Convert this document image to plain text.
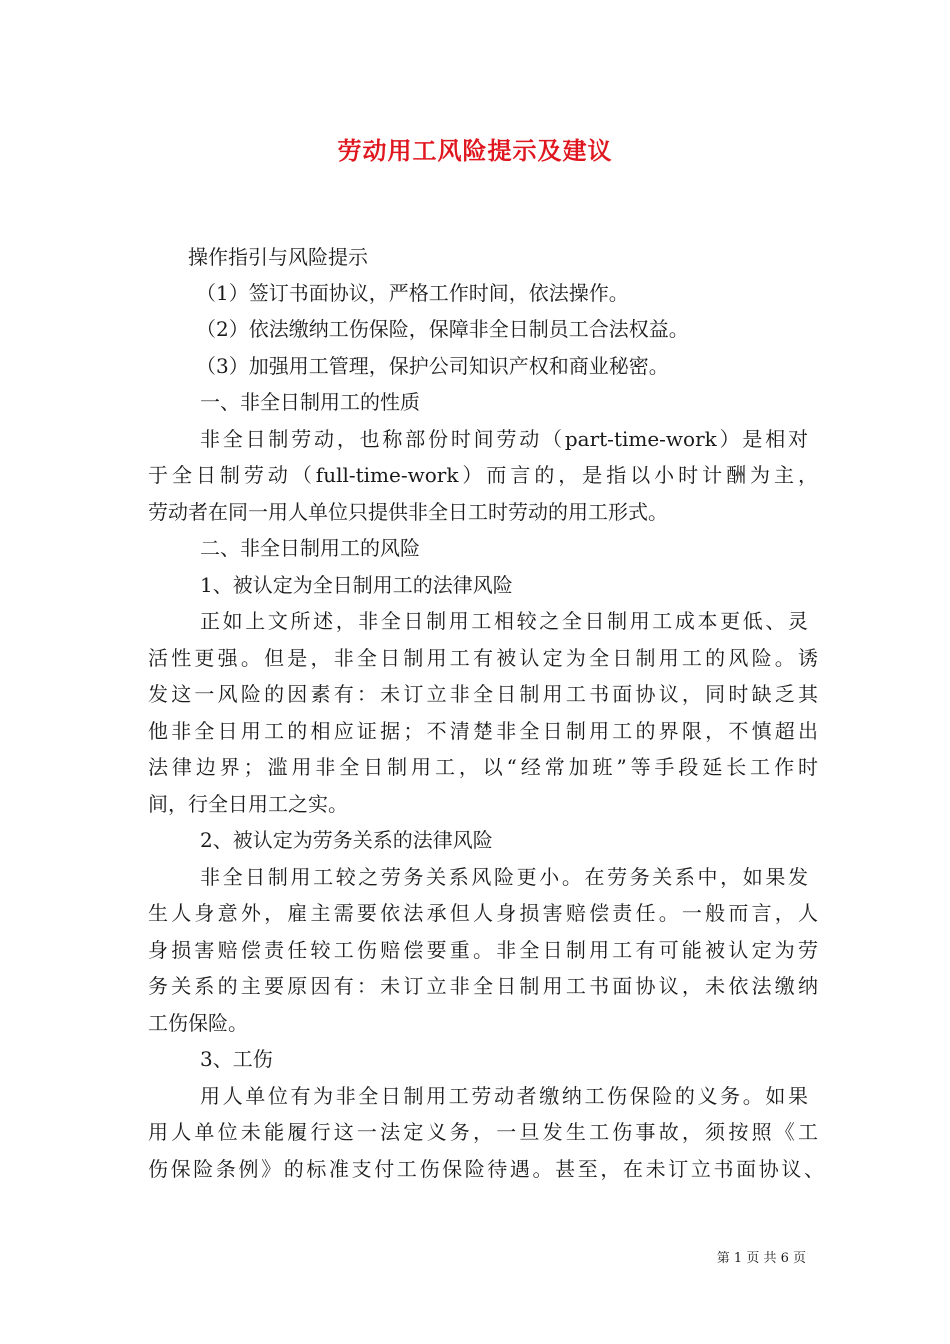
劳动用工风险提示及建议
操作指引与风险提示
（1）签订书面协议，严格工作时间，依法操作。
（2）依法缴纳工伤保险，保障非全日制员工合法权益。
（3）加强用工管理，保护公司知识产权和商业秘密。
一、非全日制用工的性质
非全日制劳动，也称部份时间劳动（part-time-work）是相对
于全日制劳动（full-time-work）而言的，是指以小时计酬为主，
劳动者在同一用人单位只提供非全日工时劳动的用工形式。
二、非全日制用工的风险
1、被认定为全日制用工的法律风险
正如上文所述，非全日制用工相较之全日制用工成本更低、灵
活性更强。但是，非全日制用工有被认定为全日制用工的风险。诱
发这一风险的因素有：未订立非全日制用工书面协议，同时缺乏其
他非全日用工的相应证据；不清楚非全日制用工的界限，不慎超出
法律边界；滥用非全日制用工，以“经常加班”等手段延长工作时
间，行全日用工之实。
2、被认定为劳务关系的法律风险
非全日制用工较之劳务关系风险更小。在劳务关系中，如果发
生人身意外，雇主需要依法承但人身损害赔偿责任。一般而言，人
身损害赔偿责任较工伤赔偿要重。非全日制用工有可能被认定为劳
务关系的主要原因有：未订立非全日制用工书面协议，未依法缴纳
工伤保险。
3、工伤
用人单位有为非全日制用工劳动者缴纳工伤保险的义务。如果
用人单位未能履行这一法定义务，一旦发生工伤事故，须按照《工
伤保险条例》的标准支付工伤保险待遇。甚至，在未订立书面协议、
第 1 页 共 6 页
